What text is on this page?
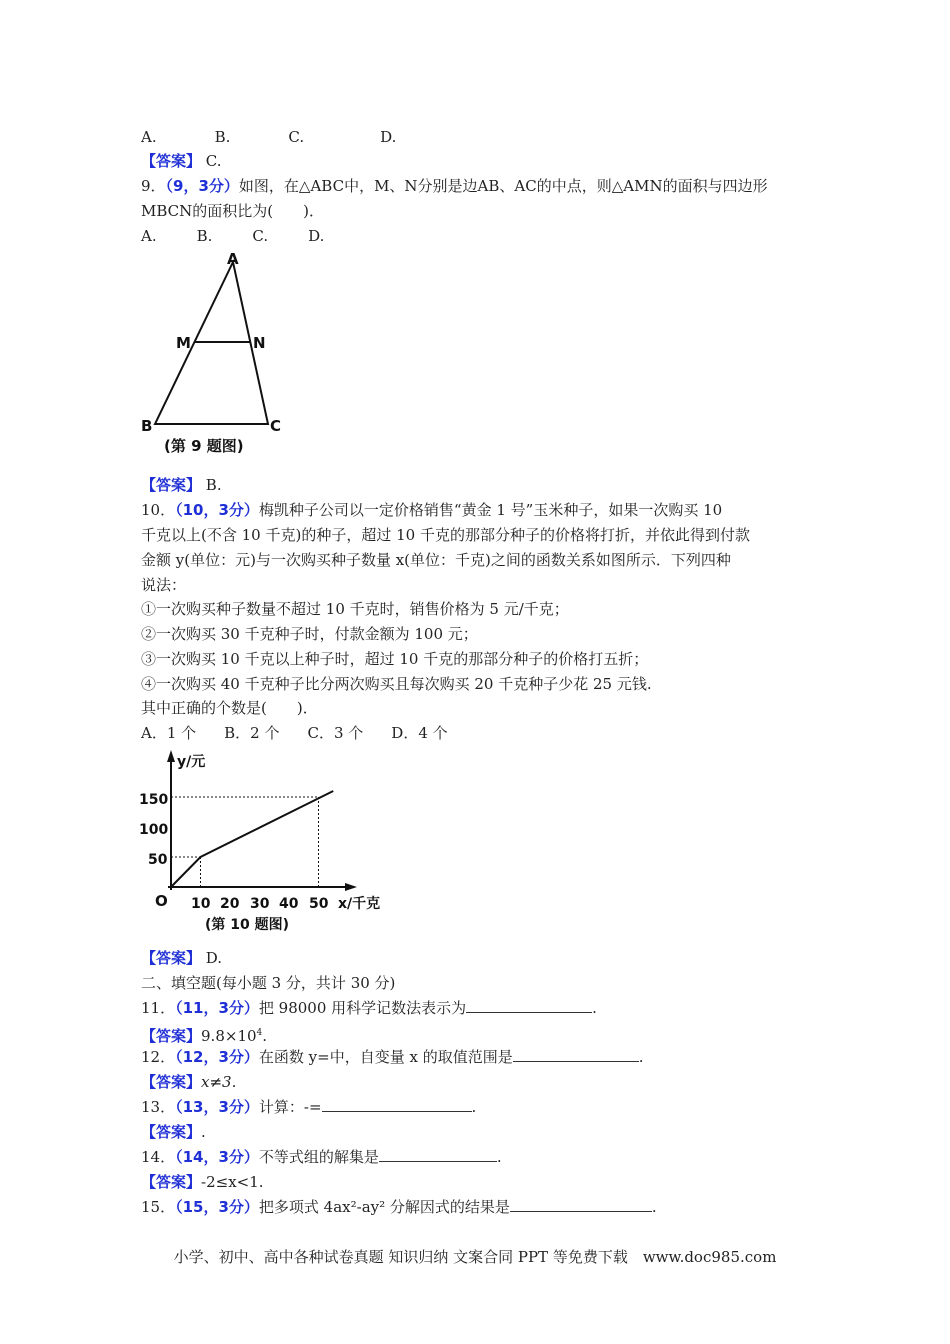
A.	B.	C.	D.
【答案】 C.
9．（9，3分）如图，在△ABC中，M、N分别是边AB、AC的中点，则△AMN的面积与四边形
MBCN的面积比为(　　)．
A.	B.	C.	D.
A
M	N
B	C
(第 9 题图)
【答案】 B.
10．（10，3分）梅凯种子公司以一定价格销售“黄金 1 号”玉米种子，如果一次购买 10
千克以上(不含 10 千克)的种子，超过 10 千克的那部分种子的价格将打折，并依此得到付款
金额 y(单位：元)与一次购买种子数量 x(单位：千克)之间的函数关系如图所示．下列四种
说法：
①一次购买种子数量不超过 10 千克时，销售价格为 5 元/千克；
②一次购买 30 千克种子时，付款金额为 100 元；
③一次购买 10 千克以上种子时，超过 10 千克的那部分种子的价格打五折；
④一次购买 40 千克种子比分两次购买且每次购买 20 千克种子少花 25 元钱.
其中正确的个数是(　　)．
A．1 个 B．2 个 C．3 个 D．4 个
y/元
x/千克
O
50
100
150
10 20 30 40 50
(第 10 题图)
【答案】 D.
二、填空题(每小题 3 分，共计 30 分)
11．（11，3分）把 98000 用科学记数法表示为	.
【答案】$9.8\times 10^4$.
12．（12，3分）在函数 y=中，自变量 x 的取值范围是	.
【答案】x≠3.
13．（13，3分）计算：-=	.
【答案】.
14．（14，3分）不等式组的解集是	.
【答案】-2≤x<1.
15．（15，3分）把多项式 4ax²-ay² 分解因式的结果是	.
小学、初中、高中各种试卷真题 知识归纳 文案合同 PPT 等免费下载　www.doc985.com
